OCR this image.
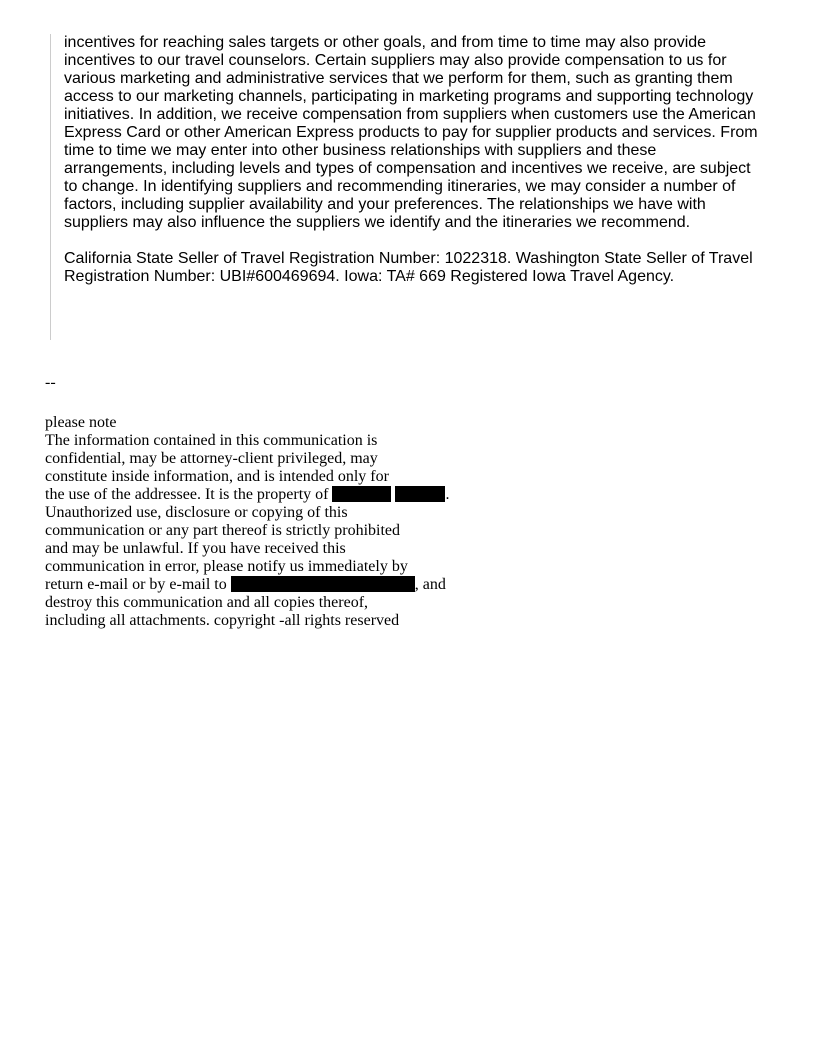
incentives for reaching sales targets or other goals, and from time to time may also provide
incentives to our travel counselors. Certain suppliers may also provide compensation to us for
various marketing and administrative services that we perform for them, such as granting them
access to our marketing channels, participating in marketing programs and supporting technology
initiatives. In addition, we receive compensation from suppliers when customers use the American
Express Card or other American Express products to pay for supplier products and services. From
time to time we may enter into other business relationships with suppliers and these
arrangements, including levels and types of compensation and incentives we receive, are subject
to change. In identifying suppliers and recommending itineraries, we may consider a number of
factors, including supplier availability and your preferences. The relationships we have with
suppliers may also influence the suppliers we identify and the itineraries we recommend.

California State Seller of Travel Registration Number: 1022318. Washington State Seller of Travel
Registration Number: UBI#600469694. Iowa: TA# 669 Registered Iowa Travel Agency.

--
please note
The information contained in this communication is
confidential, may be attorney-client privileged, may
constitute inside information, and is intended only for
the use of the addressee. It is the property of	.
Unauthorized use, disclosure or copying of this
communication or any part thereof is strictly prohibited
and may be unlawful. If you have received this
communication in error, please notify us immediately by
return e-mail or by e-mail to	, and
destroy this communication and all copies thereof,
including all attachments. copyright -all rights reserved
